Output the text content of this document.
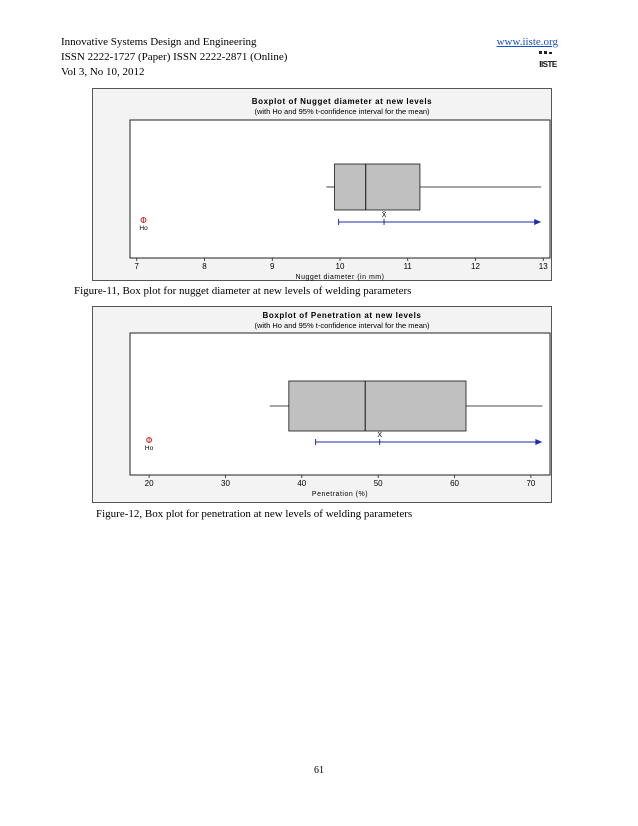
Innovative Systems Design and Engineering
ISSN 2222-1727 (Paper) ISSN 2222-2871 (Online)
Vol 3, No 10, 2012
www.iiste.org
IISTE
Boxplot of Nugget diameter at new levels
(with Ho and 95% t-confidence interval for the mean)
X̄
Ho
7	8	9	10	11	12	13
Nugget diameter (in mm)
Figure-11, Box plot for nugget diameter at new levels of welding parameters
Boxplot of Penetration at new levels
(with Ho and 95% t-confidence interval for the mean)
X̄
Ho
20	30	40	50	60	70
Penetration (%)
Figure-12, Box plot for penetration at new levels of welding parameters
61
